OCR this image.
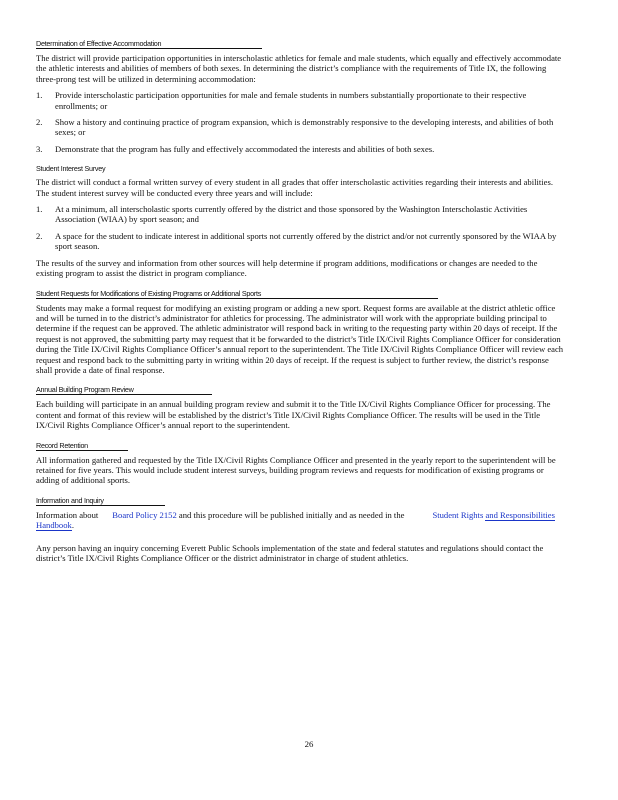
Determination of Effective Accommodation

The district will provide participation opportunities in interscholastic athletics for female and male students, which equally and effectively accommodate the athletic interests and abilities of members of both sexes. In determining the district’s compliance with the requirements of Title IX, the following three-prong test will be utilized in determining accommodation:

1. Provide interscholastic participation opportunities for male and female students in numbers substantially proportionate to their respective enrollments; or
2. Show a history and continuing practice of program expansion, which is demonstrably responsive to the developing interests, and abilities of both sexes; or
3. Demonstrate that the program has fully and effectively accommodated the interests and abilities of both sexes.
Student Interest Survey

The district will conduct a formal written survey of every student in all grades that offer interscholastic activities regarding their interests and abilities. The student interest survey will be conducted every three years and will include:

1. At a minimum, all interscholastic sports currently offered by the district and those sponsored by the Washington Interscholastic Activities Association (WIAA) by sport season; and
2. A space for the student to indicate interest in additional sports not currently offered by the district and/or not currently sponsored by the WIAA by sport season.

The results of the survey and information from other sources will help determine if program additions, modifications or changes are needed to the existing program to assist the district in program compliance.

Student Requests for Modifications of Existing Programs or Additional Sports

Students may make a formal request for modifying an existing program or adding a new sport. Request forms are available at the district athletic office and will be turned in to the district’s administrator for athletics for processing. The administrator will work with the appropriate building principal to determine if the request can be approved. The athletic administrator will respond back in writing to the requesting party within 20 days of receipt. If the request is not approved, the submitting party may request that it be forwarded to the district’s Title IX/Civil Rights Compliance Officer for consideration during the Title IX/Civil Rights Compliance Officer’s annual report to the superintendent. The Title IX/Civil Rights Compliance Officer will review each request and respond back to the submitting party in writing within 20 days of receipt. If the request is subject to further review, the district’s response shall provide a date of final response.

Annual Building Program Review

Each building will participate in an annual building program review and submit it to the Title IX/Civil Rights Compliance Officer for processing. The content and format of this review will be established by the district’s Title IX/Civil Rights Compliance Officer. The results will be used in the Title IX/Civil Rights Compliance Officer’s annual report to the superintendent.

Record Retention

All information gathered and requested by the Title IX/Civil Rights Compliance Officer and presented in the yearly report to the superintendent will be retained for five years. This would include student interest surveys, building program reviews and requests for modification of existing programs or adding of additional sports.

Information and Inquiry

Information about Board Policy 2152 and this procedure will be published initially and as needed in the	Student Rights and Responsibilities Handbook.

Any person having an inquiry concerning Everett Public Schools implementation of the state and federal statutes and regulations should contact the district’s Title IX/Civil Rights Compliance Officer or the district administrator in charge of student athletics.

26
